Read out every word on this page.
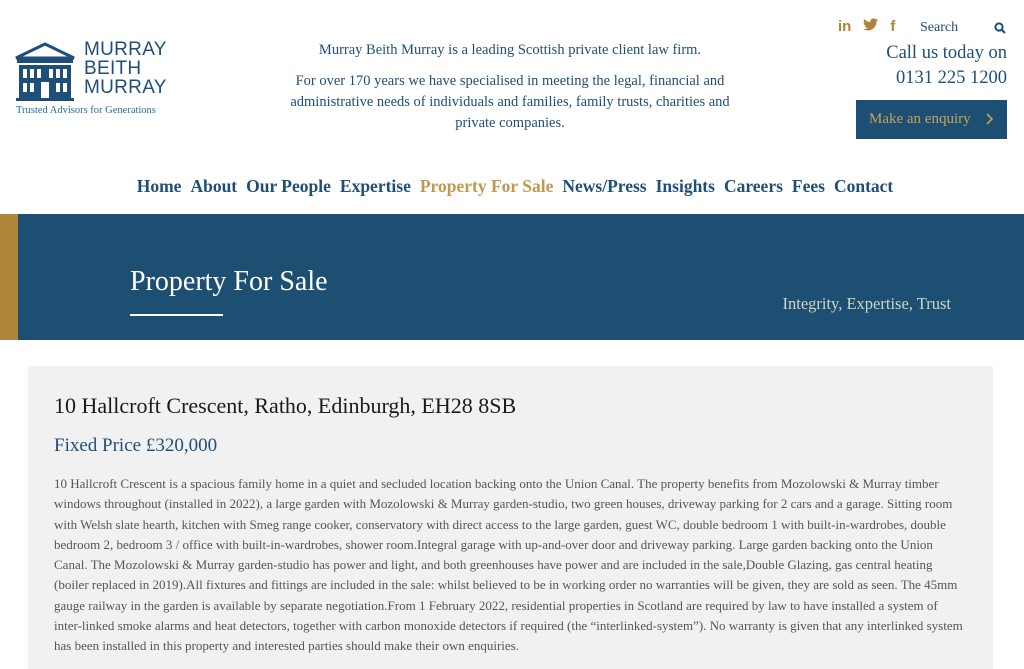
MURRAY
BEITH
MURRAY
Trusted Advisors for Generations

Murray Beith Murray is a leading Scottish private client law firm.

For over 170 years we have specialised in meeting the legal, financial and administrative needs of individuals and families, family trusts, charities and private companies.

in	f
Search
Call us today on
0131 225 1200
Make an enquiry
Home About Our People Expertise Property For Sale News/Press Insights Careers Fees Contact
Property For Sale
Integrity, Expertise, Trust
10 Hallcroft Crescent, Ratho, Edinburgh, EH28 8SB
Fixed Price £320,000

10 Hallcroft Crescent is a spacious family home in a quiet and secluded location backing onto the Union Canal. The property benefits from Mozolowski & Murray timber windows throughout (installed in 2022), a large garden with Mozolowski & Murray garden-studio, two green houses, driveway parking for 2 cars and a garage. Sitting room with Welsh slate hearth, kitchen with Smeg range cooker, conservatory with direct access to the large garden, guest WC, double bedroom 1 with built-in-wardrobes, double bedroom 2, bedroom 3 / office with built-in-wardrobes, shower room.Integral garage with up-and-over door and driveway parking. Large garden backing onto the Union Canal. The Mozolowski & Murray garden-studio has power and light, and both greenhouses have power and are included in the sale,Double Glazing, gas central heating (boiler replaced in 2019).All fixtures and fittings are included in the sale: whilst believed to be in working order no warranties will be given, they are sold as seen. The 45mm gauge railway in the garden is available by separate negotiation.From 1 February 2022, residential properties in Scotland are required by law to have installed a system of inter-linked smoke alarms and heat detectors, together with carbon monoxide detectors if required (the “interlinked-system”). No warranty is given that any interlinked system has been installed in this property and interested parties should make their own enquiries.
